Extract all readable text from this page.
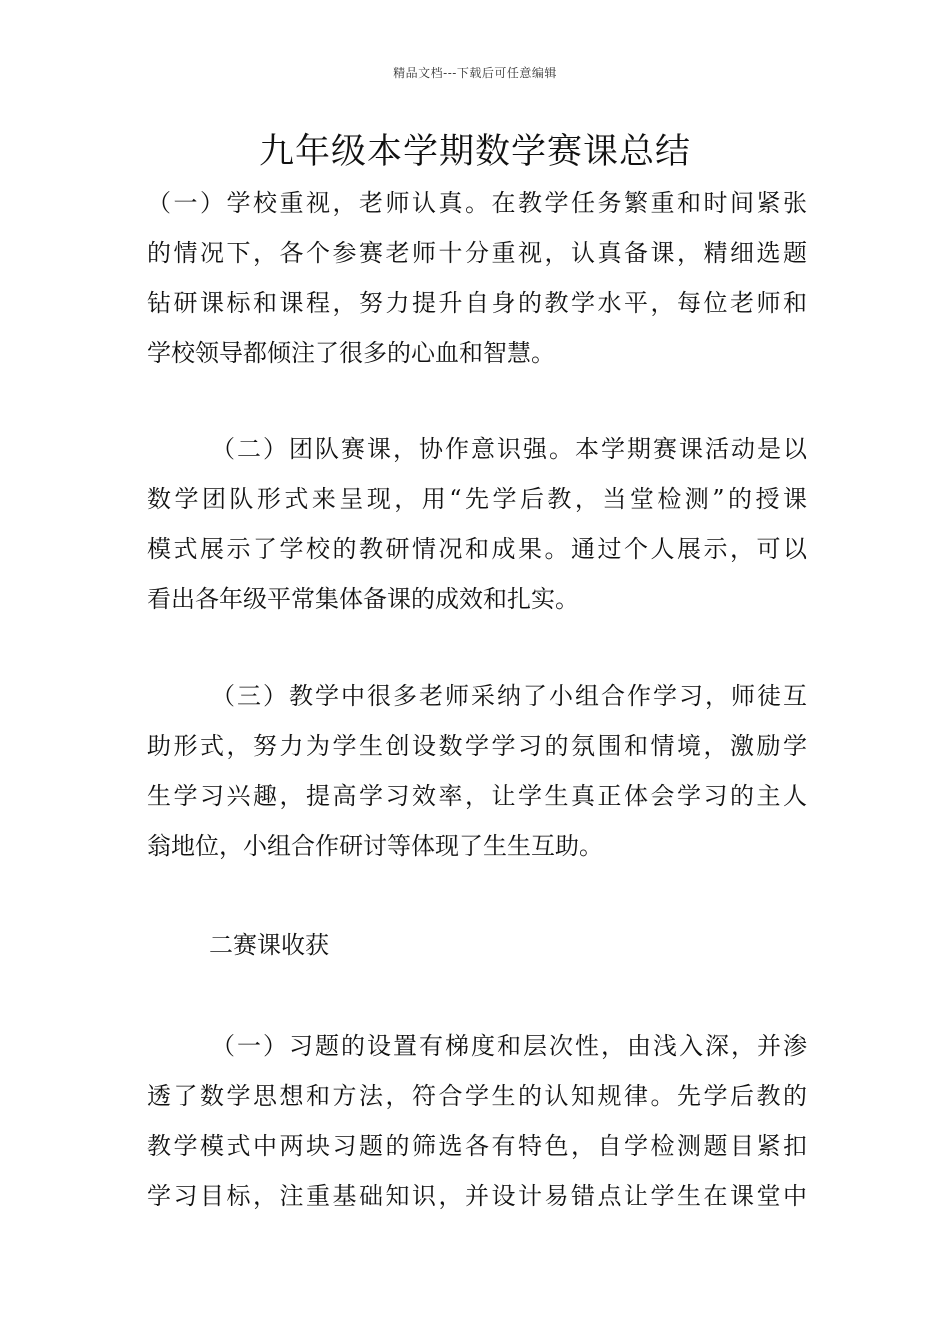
精品文档---下载后可任意编辑
九年级本学期数学赛课总结
（一）学校重视，老师认真。在教学任务繁重和时间紧张
的情况下，各个参赛老师十分重视，认真备课，精细选题
钻研课标和课程，努力提升自身的教学水平，每位老师和
学校领导都倾注了很多的心血和智慧。
（二）团队赛课，协作意识强。本学期赛课活动是以
数学团队形式来呈现，用“先学后教，当堂检测”的授课
模式展示了学校的教研情况和成果。通过个人展示，可以
看出各年级平常集体备课的成效和扎实。
（三）教学中很多老师采纳了小组合作学习，师徒互
助形式，努力为学生创设数学学习的氛围和情境，激励学
生学习兴趣，提高学习效率，让学生真正体会学习的主人
翁地位，小组合作研讨等体现了生生互助。
二赛课收获
（一）习题的设置有梯度和层次性，由浅入深，并渗
透了数学思想和方法，符合学生的认知规律。先学后教的
教学模式中两块习题的筛选各有特色，自学检测题目紧扣
学习目标，注重基础知识，并设计易错点让学生在课堂中
